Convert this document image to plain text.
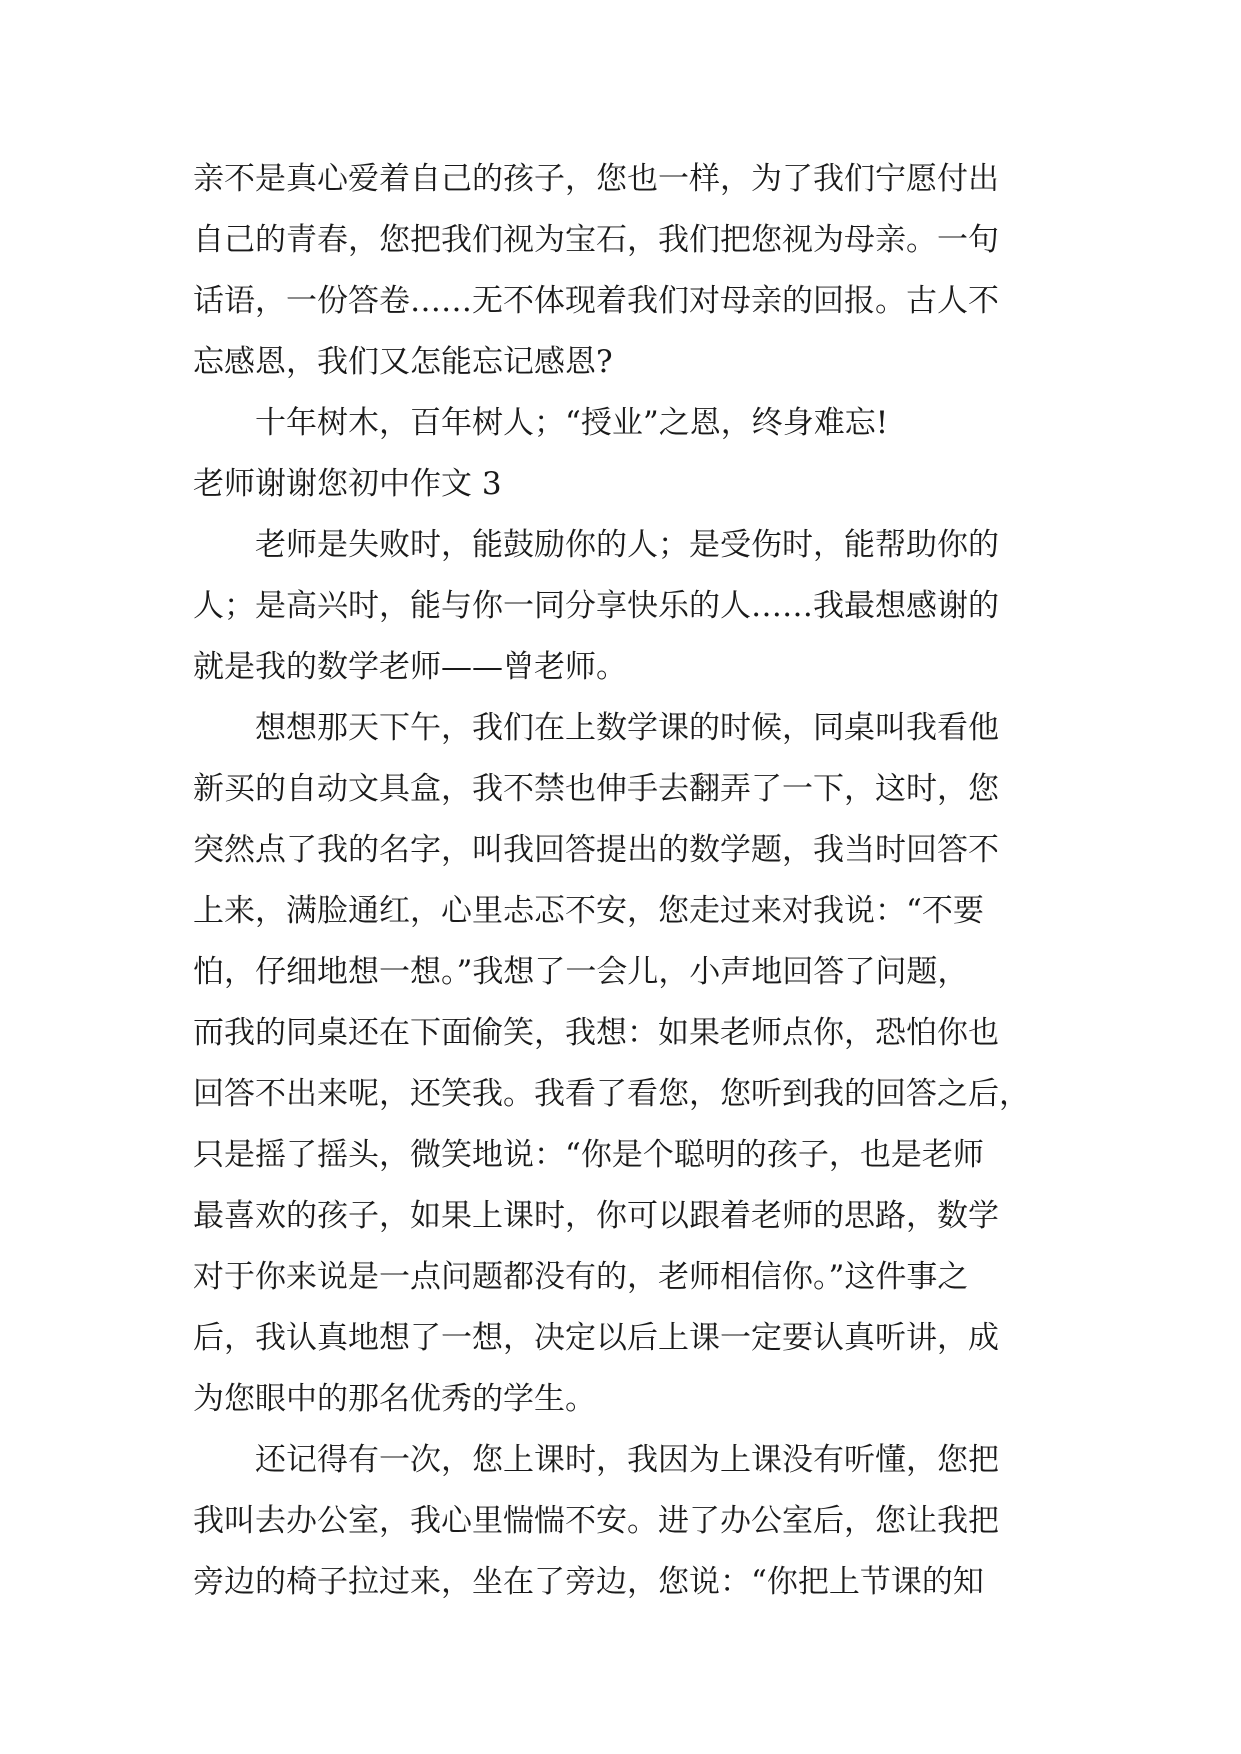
亲不是真心爱着自己的孩子，您也一样，为了我们宁愿付出
自己的青春，您把我们视为宝石，我们把您视为母亲。一句
话语，一份答卷……无不体现着我们对母亲的回报。古人不
忘感恩，我们又怎能忘记感恩?
十年树木，百年树人；“授业”之恩，终身难忘!
老师谢谢您初中作文 3
老师是失败时，能鼓励你的人；是受伤时，能帮助你的
人；是高兴时，能与你一同分享快乐的人……我最想感谢的
就是我的数学老师——曾老师。
想想那天下午，我们在上数学课的时候，同桌叫我看他
新买的自动文具盒，我不禁也伸手去翻弄了一下，这时，您
突然点了我的名字，叫我回答提出的数学题，我当时回答不
上来，满脸通红，心里忐忑不安，您走过来对我说：“不要
怕，仔细地想一想。”我想了一会儿，小声地回答了问题，
而我的同桌还在下面偷笑，我想：如果老师点你，恐怕你也
回答不出来呢，还笑我。我看了看您，您听到我的回答之后，
只是摇了摇头，微笑地说：“你是个聪明的孩子，也是老师
最喜欢的孩子，如果上课时，你可以跟着老师的思路，数学
对于你来说是一点问题都没有的，老师相信你。”这件事之
后，我认真地想了一想，决定以后上课一定要认真听讲，成
为您眼中的那名优秀的学生。
还记得有一次，您上课时，我因为上课没有听懂，您把
我叫去办公室，我心里惴惴不安。进了办公室后，您让我把
旁边的椅子拉过来，坐在了旁边，您说：“你把上节课的知
